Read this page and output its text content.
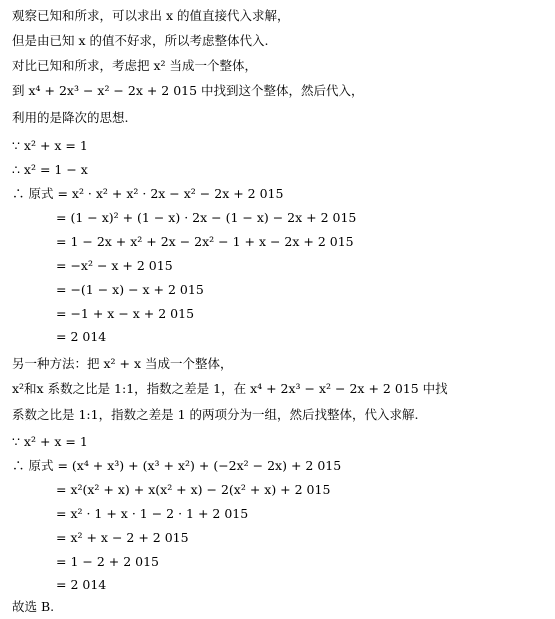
观察已知和所求，可以求出 x 的值直接代入求解，
但是由已知 x 的值不好求，所以考虑整体代入.
对比已知和所求，考虑把 x² 当成一个整体，
到 x⁴ + 2x³ − x² − 2x + 2 015 中找到这个整体，然后代入，
利用的是降次的思想.
∵ x² + x = 1
∴ x² = 1 − x
∴ 原式 = x² · x² + x² · 2x − x² − 2x + 2 015
= (1 − x)² + (1 − x) · 2x − (1 − x) − 2x + 2 015
= 1 − 2x + x² + 2x − 2x² − 1 + x − 2x + 2 015
= −x² − x + 2 015
= −(1 − x) − x + 2 015
= −1 + x − x + 2 015
= 2 014
另一种方法：把 x² + x 当成一个整体，
x²和x 系数之比是 1:1，指数之差是 1，在 x⁴ + 2x³ − x² − 2x + 2 015 中找
系数之比是 1:1，指数之差是 1 的两项分为一组，然后找整体，代入求解.
∵ x² + x = 1
∴ 原式 = (x⁴ + x³) + (x³ + x²) + (−2x² − 2x) + 2 015
= x²(x² + x) + x(x² + x) − 2(x² + x) + 2 015
= x² · 1 + x · 1 − 2 · 1 + 2 015
= x² + x − 2 + 2 015
= 1 − 2 + 2 015
= 2 014
故选 B.
